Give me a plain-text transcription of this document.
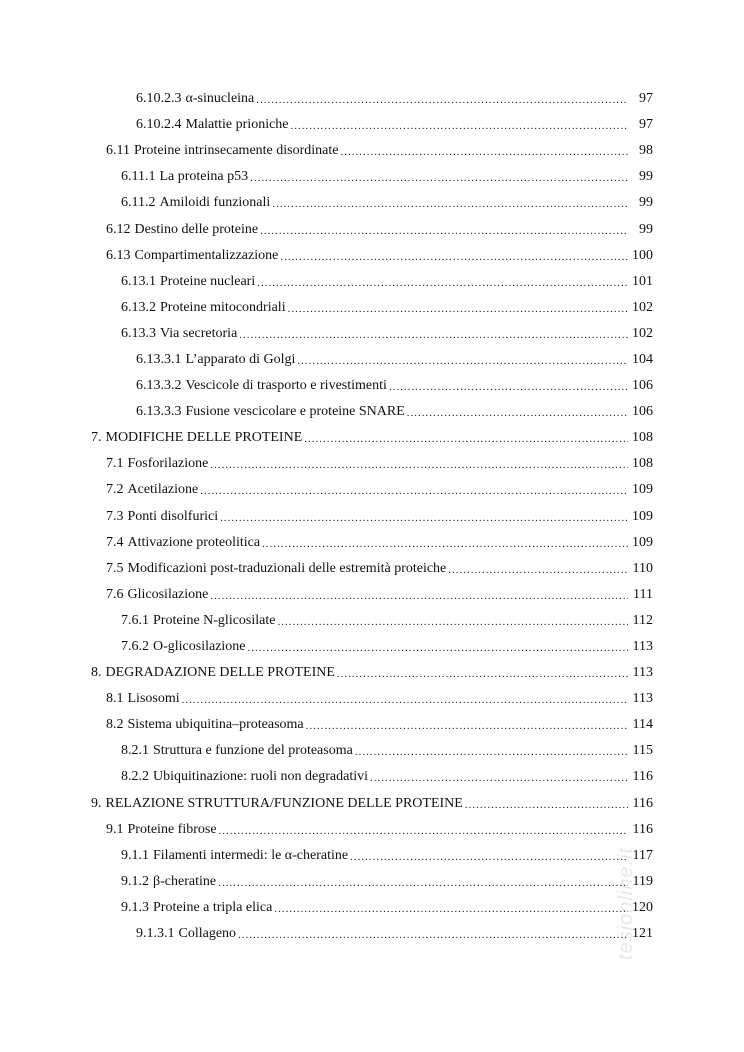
6.10.2.3 α-sinucleina .....	97
6.10.2.4 Malattie prioniche .....	97
6.11 Proteine intrinsecamente disordinate .....	98
6.11.1 La proteina p53 .....	99
6.11.2 Amiloidi funzionali .....	99
6.12 Destino delle proteine .....	99
6.13 Compartimentalizzazione .....	100
6.13.1 Proteine nucleari .....	101
6.13.2 Proteine mitocondriali .....	102
6.13.3 Via secretoria .....	102
6.13.3.1 L’apparato di Golgi .....	104
6.13.3.2 Vescicole di trasporto e rivestimenti .....	106
6.13.3.3 Fusione vescicolare e proteine SNARE .....	106
7. MODIFICHE DELLE PROTEINE .....	108
7.1 Fosforilazione .....	108
7.2 Acetilazione .....	109
7.3 Ponti disolfurici .....	109
7.4 Attivazione proteolitica .....	109
7.5 Modificazioni post-traduzionali delle estremità proteiche .....	110
7.6 Glicosilazione .....	111
7.6.1 Proteine N-glicosilate .....	112
7.6.2 O-glicosilazione .....	113
8. DEGRADAZIONE DELLE PROTEINE .....	113
8.1 Lisosomi .....	113
8.2 Sistema ubiquitina–proteasoma .....	114
8.2.1 Struttura e funzione del proteasoma .....	115
8.2.2 Ubiquitinazione: ruoli non degradativi .....	116
9. RELAZIONE STRUTTURA/FUNZIONE DELLE PROTEINE .....	116
9.1 Proteine fibrose .....	116
9.1.1 Filamenti intermedi: le α-cheratine .....	117
9.1.2 β-cheratine .....	119
9.1.3 Proteine a tripla elica .....	120
9.1.3.1 Collageno .....	121
tesionline.it
